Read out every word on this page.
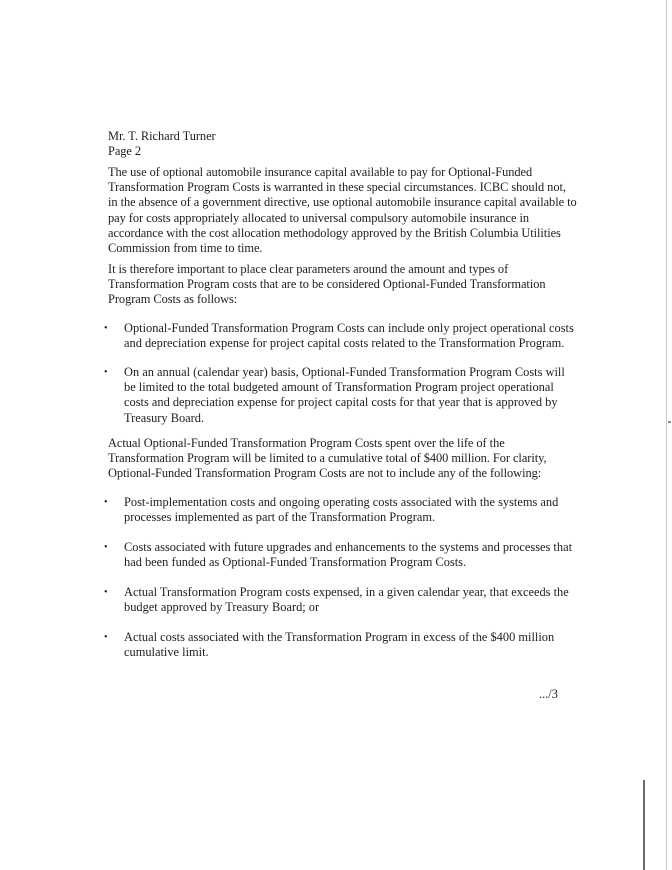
Mr. T. Richard Turner
Page 2
The use of optional automobile insurance capital available to pay for Optional-Funded
Transformation Program Costs is warranted in these special circumstances. ICBC should not,
in the absence of a government directive, use optional automobile insurance capital available to
pay for costs appropriately allocated to universal compulsory automobile insurance in
accordance with the cost allocation methodology approved by the British Columbia Utilities
Commission from time to time.
It is therefore important to place clear parameters around the amount and types of
Transformation Program costs that are to be considered Optional-Funded Transformation
Program Costs as follows:
•	Optional-Funded Transformation Program Costs can include only project operational costs
and depreciation expense for project capital costs related to the Transformation Program.
•	On an annual (calendar year) basis, Optional-Funded Transformation Program Costs will
be limited to the total budgeted amount of Transformation Program project operational
costs and depreciation expense for project capital costs for that year that is approved by
Treasury Board.
Actual Optional-Funded Transformation Program Costs spent over the life of the
Transformation Program will be limited to a cumulative total of $400 million. For clarity,
Optional-Funded Transformation Program Costs are not to include any of the following:
•	Post-implementation costs and ongoing operating costs associated with the systems and
processes implemented as part of the Transformation Program.
•	Costs associated with future upgrades and enhancements to the systems and processes that
had been funded as Optional-Funded Transformation Program Costs.
•	Actual Transformation Program costs expensed, in a given calendar year, that exceeds the
budget approved by Treasury Board; or
•	Actual costs associated with the Transformation Program in excess of the $400 million
cumulative limit.
.../3
